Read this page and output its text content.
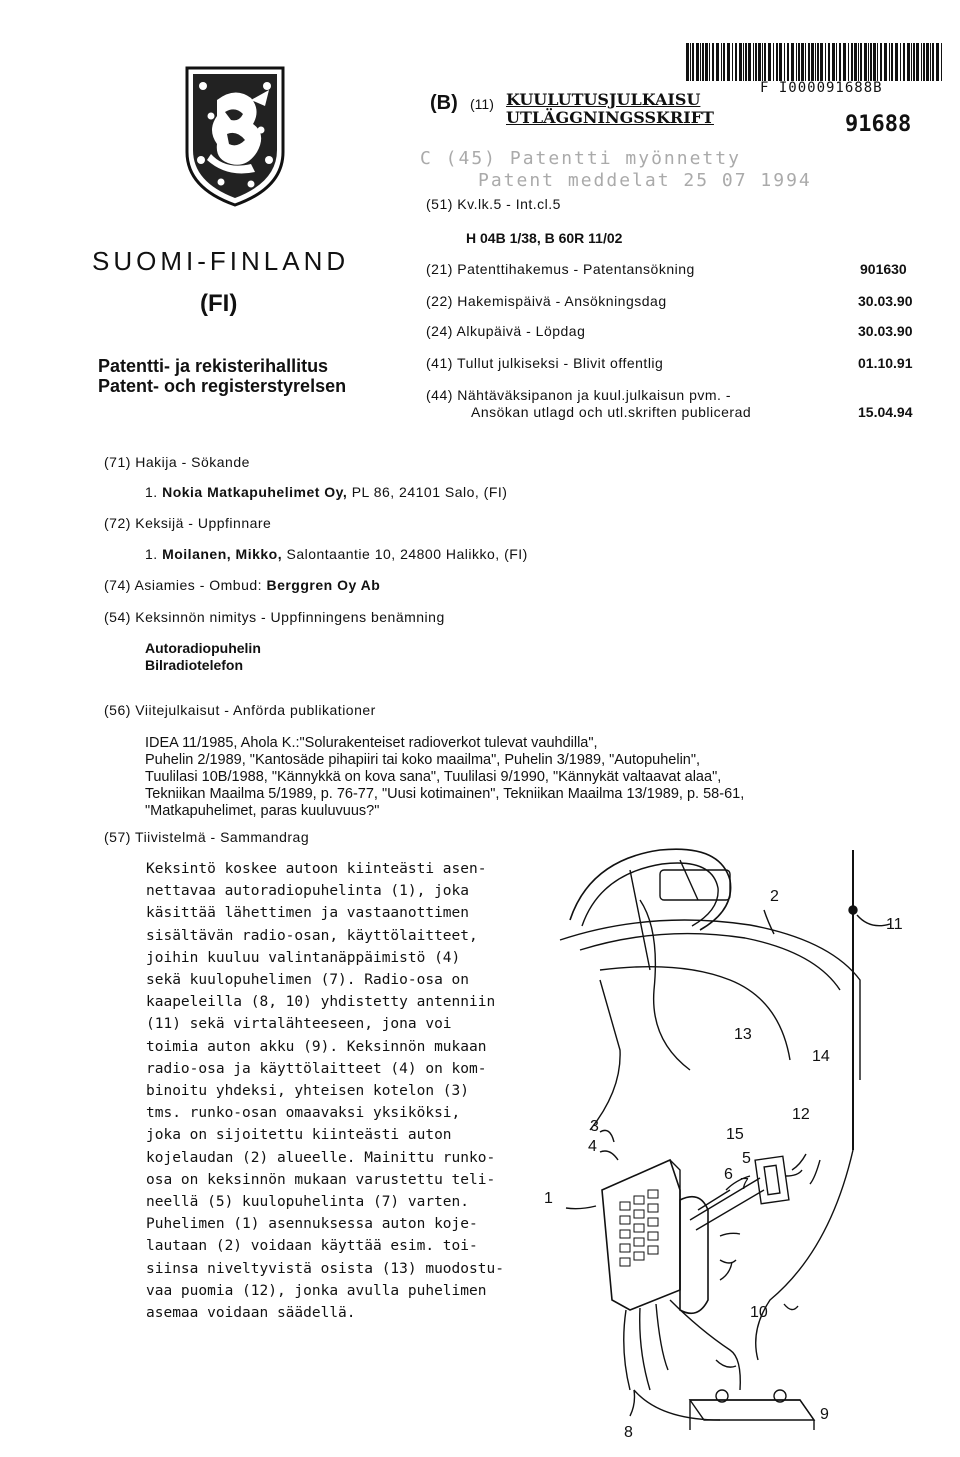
F I000091688B
(B) (11) KUULUTUSJULKAISU
UTLÄGGNINGSSKRIFT	91688
C (45) Patentti myönnetty
Patent meddelat 25 07 1994
SUOMI-FINLAND
(FI)
Patentti- ja rekisterihallitus
Patent- och registerstyrelsen
(51) Kv.lk.5 - Int.cl.5
H 04B 1/38, B 60R 11/02
(21) Patenttihakemus - Patentansökning	901630
(22) Hakemispäivä - Ansökningsdag	30.03.90
(24) Alkupäivä - Löpdag	30.03.90
(41) Tullut julkiseksi - Blivit offentlig	01.10.91
(44) Nähtäväksipanon ja kuul.julkaisun pvm. -
Ansökan utlagd och utl.skriften publicerad	15.04.94
(71) Hakija - Sökande
1. Nokia Matkapuhelimet Oy, PL 86, 24101 Salo, (FI)
(72) Keksijä - Uppfinnare
1. Moilanen, Mikko, Salontaantie 10, 24800 Halikko, (FI)
(74) Asiamies - Ombud: Berggren Oy Ab
(54) Keksinnön nimitys - Uppfinningens benämning
Autoradiopuhelin
Bilradiotelefon
(56) Viitejulkaisut - Anförda publikationer
IDEA 11/1985, Ahola K.:"Solurakenteiset radioverkot tulevat vauhdilla",
Puhelin 2/1989, "Kantosäde pihapiiri tai koko maailma", Puhelin 3/1989, "Autopuhelin",
Tuulilasi 10B/1988, "Kännykkä on kova sana", Tuulilasi 9/1990, "Kännykät valtaavat alaa",
Tekniikan Maailma 5/1989, p. 76-77, "Uusi kotimainen", Tekniikan Maailma 13/1989, p. 58-61,
"Matkapuhelimet, paras kuuluvuus?"
(57) Tiivistelmä - Sammandrag
Keksintö koskee autoon kiinteästi asen-
nettavaa autoradiopuhelinta (1), joka
käsittää lähettimen ja vastaanottimen
sisältävän radio-osan, käyttölaitteet,
joihin kuuluu valintanäppäimistö (4)
sekä kuulopuhelimen (7). Radio-osa on
kaapeleilla (8, 10) yhdistetty antenniin
(11) sekä virtalähteeseen, jona voi
toimia auton akku (9). Keksinnön mukaan
radio-osa ja käyttölaitteet (4) on kom-
binoitu yhdeksi, yhteisen kotelon (3)
tms. runko-osan omaavaksi yksiköksi,
joka on sijoitettu kiinteästi auton
kojelaudan (2) alueelle. Mainittu runko-
osa on keksinnön mukaan varustettu teli-
neellä (5) kuulopuhelinta (7) varten.
Puhelimen (1) asennuksessa auton koje-
lautaan (2) voidaan käyttää esim. toi-
siinsa niveltyvistä osista (13) muodostu-
vaa puomia (12), jonka avulla puhelimen
asemaa voidaan säädellä.
1
2
3
4
5
6
7
8
9
10
11
12
13
14
15
